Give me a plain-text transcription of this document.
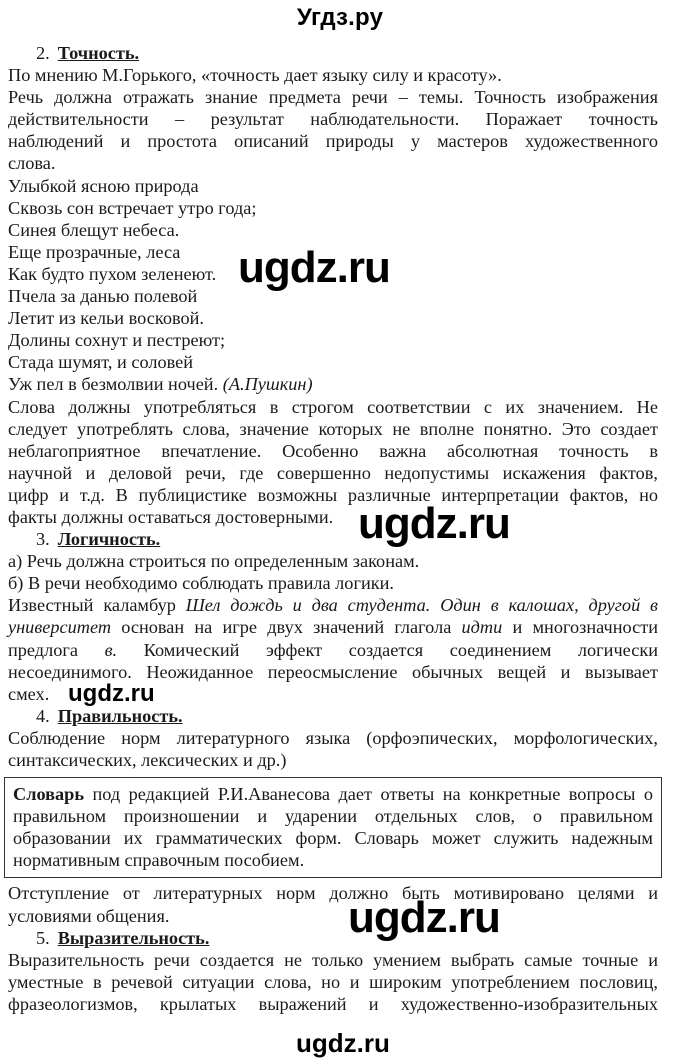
Угдз.ру
2. Точность.
По мнению М.Горького, «точность дает языку силу и красоту».
Речь должна отражать знание предмета речи – темы. Точность изображения
действительности – результат наблюдательности. Поражает точность
наблюдений и простота описаний природы у мастеров художественного
слова.
Улыбкой ясною природа
Сквозь сон встречает утро года;
Синея блещут небеса.
Еще прозрачные, леса
Как будто пухом зеленеют.
Пчела за данью полевой
Летит из кельи восковой.
Долины сохнут и пестреют;
Стада шумят, и соловей
Уж пел в безмолвии ночей. (А.Пушкин)
Слова должны употребляться в строгом соответствии с их значением. Не
следует употреблять слова, значение которых не вполне понятно. Это создает
неблагоприятное впечатление. Особенно важна абсолютная точность в
научной и деловой речи, где совершенно недопустимы искажения фактов,
цифр и т.д. В публицистике возможны различные интерпретации фактов, но
факты должны оставаться достоверными.
3. Логичность.
а) Речь должна строиться по определенным законам.
б) В речи необходимо соблюдать правила логики.
Известный каламбур Шел дождь и два студента. Один в калошах, другой в
университет основан на игре двух значений глагола идти и многозначности
предлога в. Комический эффект создается соединением логически
несоединимого. Неожиданное переосмысление обычных вещей и вызывает
смех.
4. Правильность.
Соблюдение норм литературного языка (орфоэпических, морфологических,
синтаксических, лексических и др.)
Словарь под редакцией Р.И.Аванесова дает ответы на конкретные вопросы о
правильном произношении и ударении отдельных слов, о правильном
образовании их грамматических форм. Словарь может служить надежным
нормативным справочным пособием.
Отступление от литературных норм должно быть мотивировано целями и
условиями общения.
5. Выразительность.
Выразительность речи создается не только умением выбрать самые точные и
уместные в речевой ситуации слова, но и широким употреблением пословиц,
фразеологизмов, крылатых выражений и художественно-изобразительных
ugdz.ru
ugdz.ru
ugdz.ru
ugdz.ru
ugdz.ru
